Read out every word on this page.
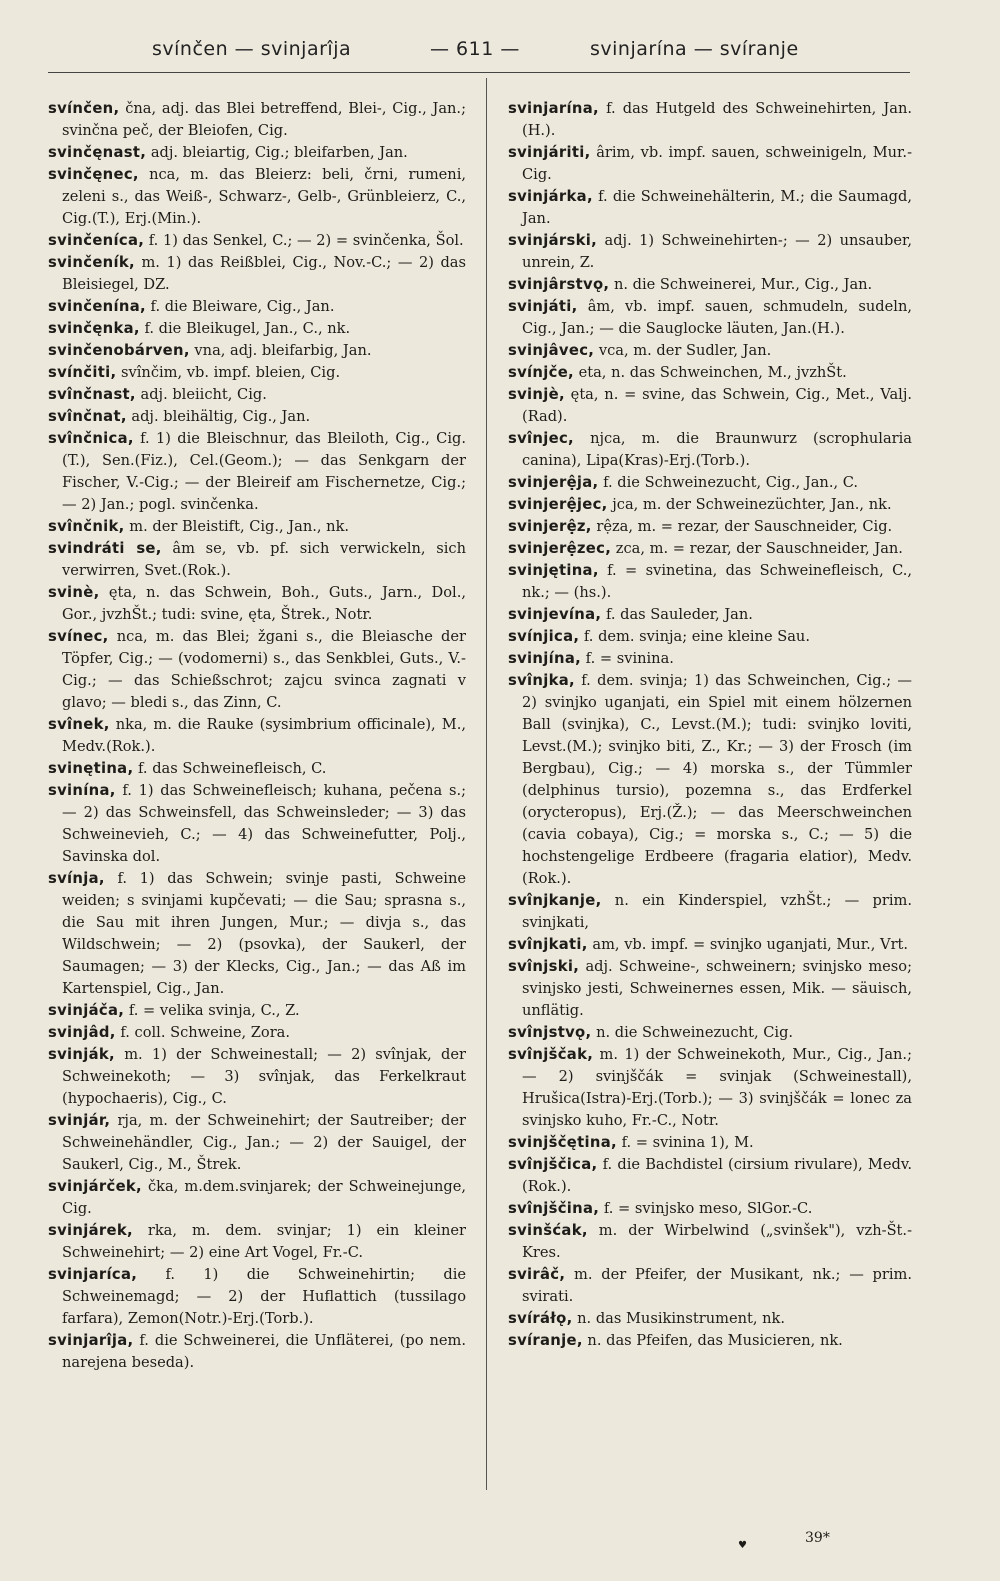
svínčen — svinjarîja	— 611 —	svinjarína — svíranje

svínčen, čna, adj. das Blei betreffend, Blei-, Cig., Jan.; svinčna peč, der Bleiofen, Cig.

svinčęnast, adj. bleiartig, Cig.; bleifarben, Jan.

svinčęnec, nca, m. das Bleierz: beli, črni, rumeni, zeleni s., das Weiß-, Schwarz-, Gelb-, Grünbleierz, C., Cig.(T.), Erj.(Min.).

svinčeníca, f. 1) das Senkel, C.; — 2) = svinčenka, Šol.

svinčeník, m. 1) das Reißblei, Cig., Nov.-C.; — 2) das Bleisiegel, DZ.

svinčenína, f. die Bleiware, Cig., Jan.

svinčęnka, f. die Bleikugel, Jan., C., nk.

svinčenobárven, vna, adj. bleifarbig, Jan.

svínčiti, svînčim, vb. impf. bleien, Cig.

svînčnast, adj. bleiicht, Cig.

svînčnat, adj. bleihältig, Cig., Jan.

svînčnica, f. 1) die Bleischnur, das Bleiloth, Cig., Cig.(T.), Sen.(Fiz.), Cel.(Geom.); — das Senkgarn der Fischer, V.-Cig.; — der Bleireif am Fischernetze, Cig.; — 2) Jan.; pogl. svinčenka.

svînčnik, m. der Bleistift, Cig., Jan., nk.

svindráti se, âm se, vb. pf. sich verwickeln, sich verwirren, Svet.(Rok.).

svinè, ęta, n. das Schwein, Boh., Guts., Jarn., Dol., Gor., jvzhŠt.; tudi: svine, ęta, Štrek., Notr.

svínec, nca, m. das Blei; žgani s., die Bleiasche der Töpfer, Cig.; — (vodomerni) s., das Senkblei, Guts., V.-Cig.; — das Schießschrot; zajcu svinca zagnati v glavo; — bledi s., das Zinn, C.

svînek, nka, m. die Rauke (sysimbrium officinale), M., Medv.(Rok.).

svinętina, f. das Schweinefleisch, C.

svinína, f. 1) das Schweinefleisch; kuhana, pečena s.; — 2) das Schweinsfell, das Schweinsleder; — 3) das Schweinevieh, C.; — 4) das Schweinefutter, Polj., Savinska dol.

svínja, f. 1) das Schwein; svinje pasti, Schweine weiden; s svinjami kupčevati; — die Sau; sprasna s., die Sau mit ihren Jungen, Mur.; — divja s., das Wildschwein; — 2) (psovka), der Saukerl, der Saumagen; — 3) der Klecks, Cig., Jan.; — das Aß im Kartenspiel, Cig., Jan.

svinjáča, f. = velika svinja, C., Z.

svinjâd, f. coll. Schweine, Zora.

svinják, m. 1) der Schweinestall; — 2) svînjak, der Schweinekoth; — 3) svînjak, das Ferkelkraut (hypochaeris), Cig., C.

svinjár, rja, m. der Schweinehirt; der Sautreiber; der Schweinehändler, Cig., Jan.; — 2) der Sauigel, der Saukerl, Cig., M., Štrek.

svinjárček, čka, m.dem.svinjarek; der Schweinejunge, Cig.

svinjárek, rka, m. dem. svinjar; 1) ein kleiner Schweinehirt; — 2) eine Art Vogel, Fr.-C.

svinjaríca, f. 1) die Schweinehirtin; die Schweinemagd; — 2) der Huflattich (tussilago farfara), Zemon(Notr.)-Erj.(Torb.).

svinjarîja, f. die Schweinerei, die Unfläterei, (po nem. narejena beseda).

svinjarína, f. das Hutgeld des Schweinehirten, Jan.(H.).

svinjáriti, ârim, vb. impf. sauen, schweinigeln, Mur.-Cig.

svinjárka, f. die Schweinehälterin, M.; die Saumagd, Jan.

svinjárski, adj. 1) Schweinehirten-; — 2) unsauber, unrein, Z.

svinjârstvǫ, n. die Schweinerei, Mur., Cig., Jan.

svinjáti, âm, vb. impf. sauen, schmudeln, sudeln, Cig., Jan.; — die Sauglocke läuten, Jan.(H.).

svinjâvec, vca, m. der Sudler, Jan.

svínjče, eta, n. das Schweinchen, M., jvzhŠt.

svinjè, ęta, n. = svine, das Schwein, Cig., Met., Valj.(Rad).

svînjec, njca, m. die Braunwurz (scrophularia canina), Lipa(Kras)-Erj.(Torb.).

svinjerệja, f. die Schweinezucht, Cig., Jan., C.

svinjerệjec, jca, m. der Schweinezüchter, Jan., nk.

svinjerệz, rệza, m. = rezar, der Sauschneider, Cig.

svinjerệzec, zca, m. = rezar, der Sauschneider, Jan.

svinjętina, f. = svinetina, das Schweinefleisch, C., nk.; — (hs.).

svinjevína, f. das Sauleder, Jan.

svínjica, f. dem. svinja; eine kleine Sau.

svinjína, f. = svinina.

svînjka, f. dem. svinja; 1) das Schweinchen, Cig.; — 2) svinjko uganjati, ein Spiel mit einem hölzernen Ball (svinjka), C., Levst.(M.); tudi: svinjko loviti, Levst.(M.); svinjko biti, Z., Kr.; — 3) der Frosch (im Bergbau), Cig.; — 4) morska s., der Tümmler (delphinus tursio), pozemna s., das Erdferkel (orycteropus), Erj.(Ž.); — das Meerschweinchen (cavia cobaya), Cig.; = morska s., C.; — 5) die hochstengelige Erdbeere (fragaria elatior), Medv.(Rok.).

svînjkanje, n. ein Kinderspiel, vzhŠt.; — prim. svinjkati,

svînjkati, am, vb. impf. = svinjko uganjati, Mur., Vrt.

svînjski, adj. Schweine-, schweinern; svinjsko meso; svinjsko jesti, Schweinernes essen, Mik. — säuisch, unflätig.

svînjstvǫ, n. die Schweinezucht, Cig.

svînjščak, m. 1) der Schweinekoth, Mur., Cig., Jan.; — 2) svinjščák = svinjak (Schweinestall), Hrušica(Istra)-Erj.(Torb.); — 3) svinjščák = lonec za svinjsko kuho, Fr.-C., Notr.

svinjščętina, f. = svinina 1), M.

svînjščica, f. die Bachdistel (cirsium rivulare), Medv.(Rok.).

svînjščina, f. = svinjsko meso, SlGor.-C.

svinšćak, m. der Wirbelwind („svinšek"), vzh-Št.-Kres.

svirâč, m. der Pfeifer, der Musikant, nk.; — prim. svirati.

svíráłǫ, n. das Musikinstrument, nk.

svíranje, n. das Pfeifen, das Musicieren, nk.

♥	39*
